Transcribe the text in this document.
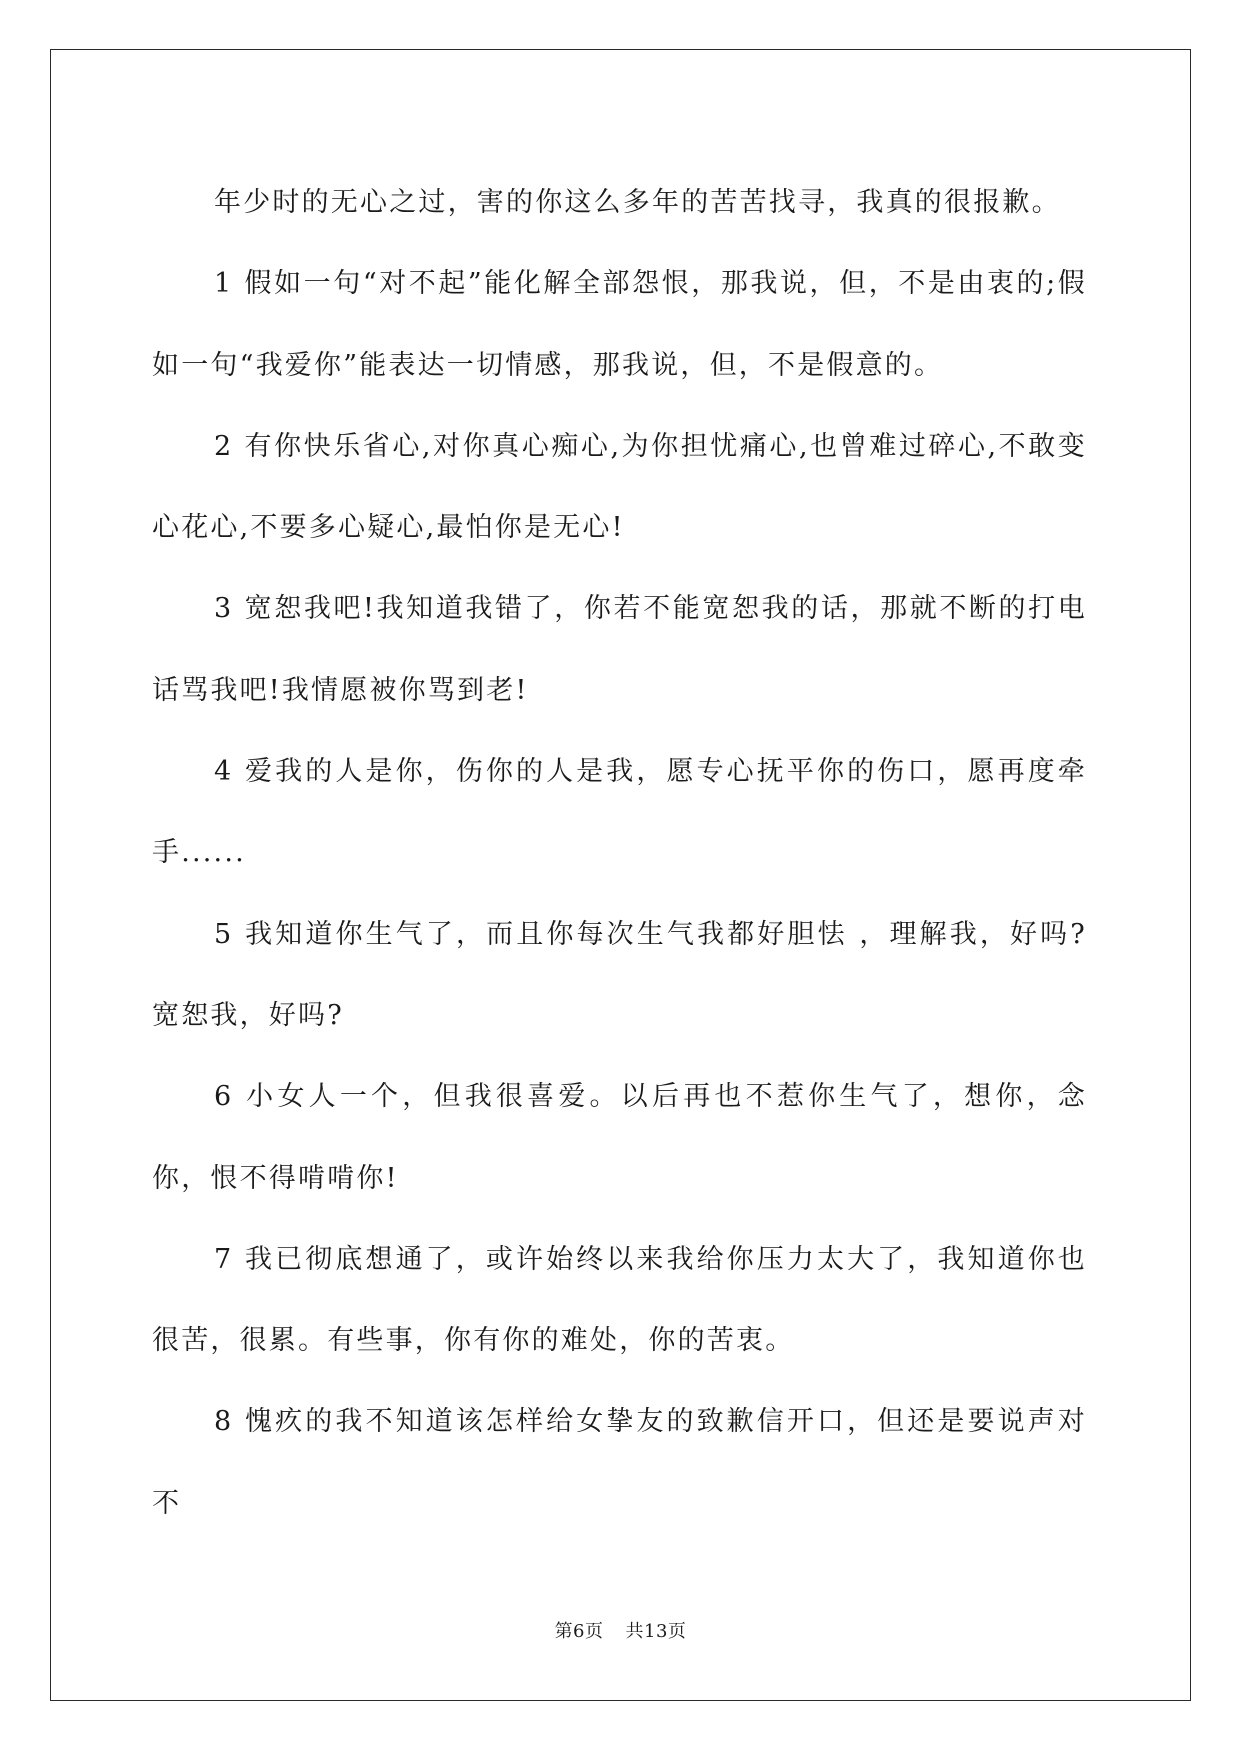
年少时的无心之过，害的你这么多年的苦苦找寻，我真的很报歉。

1 假如一句“对不起”能化解全部怨恨，那我说，但，不是由衷的;假如一句“我爱你”能表达一切情感，那我说，但，不是假意的。

2 有你快乐省心,对你真心痴心,为你担忧痛心,也曾难过碎心,不敢变心花心,不要多心疑心,最怕你是无心!

3 宽恕我吧!我知道我错了，你若不能宽恕我的话，那就不断的打电话骂我吧!我情愿被你骂到老!

4 爱我的人是你，伤你的人是我，愿专心抚平你的伤口，愿再度牵手......

5 我知道你生气了，而且你每次生气我都好胆怯 ，理解我，好吗?宽恕我，好吗?

6 小女人一个，但我很喜爱。以后再也不惹你生气了，想你，念你，恨不得啃啃你!

7 我已彻底想通了，或许始终以来我给你压力太大了，我知道你也很苦，很累。有些事，你有你的难处，你的苦衷。

8 愧疚的我不知道该怎样给女挚友的致歉信开口，但还是要说声对不

第6页 共13页
